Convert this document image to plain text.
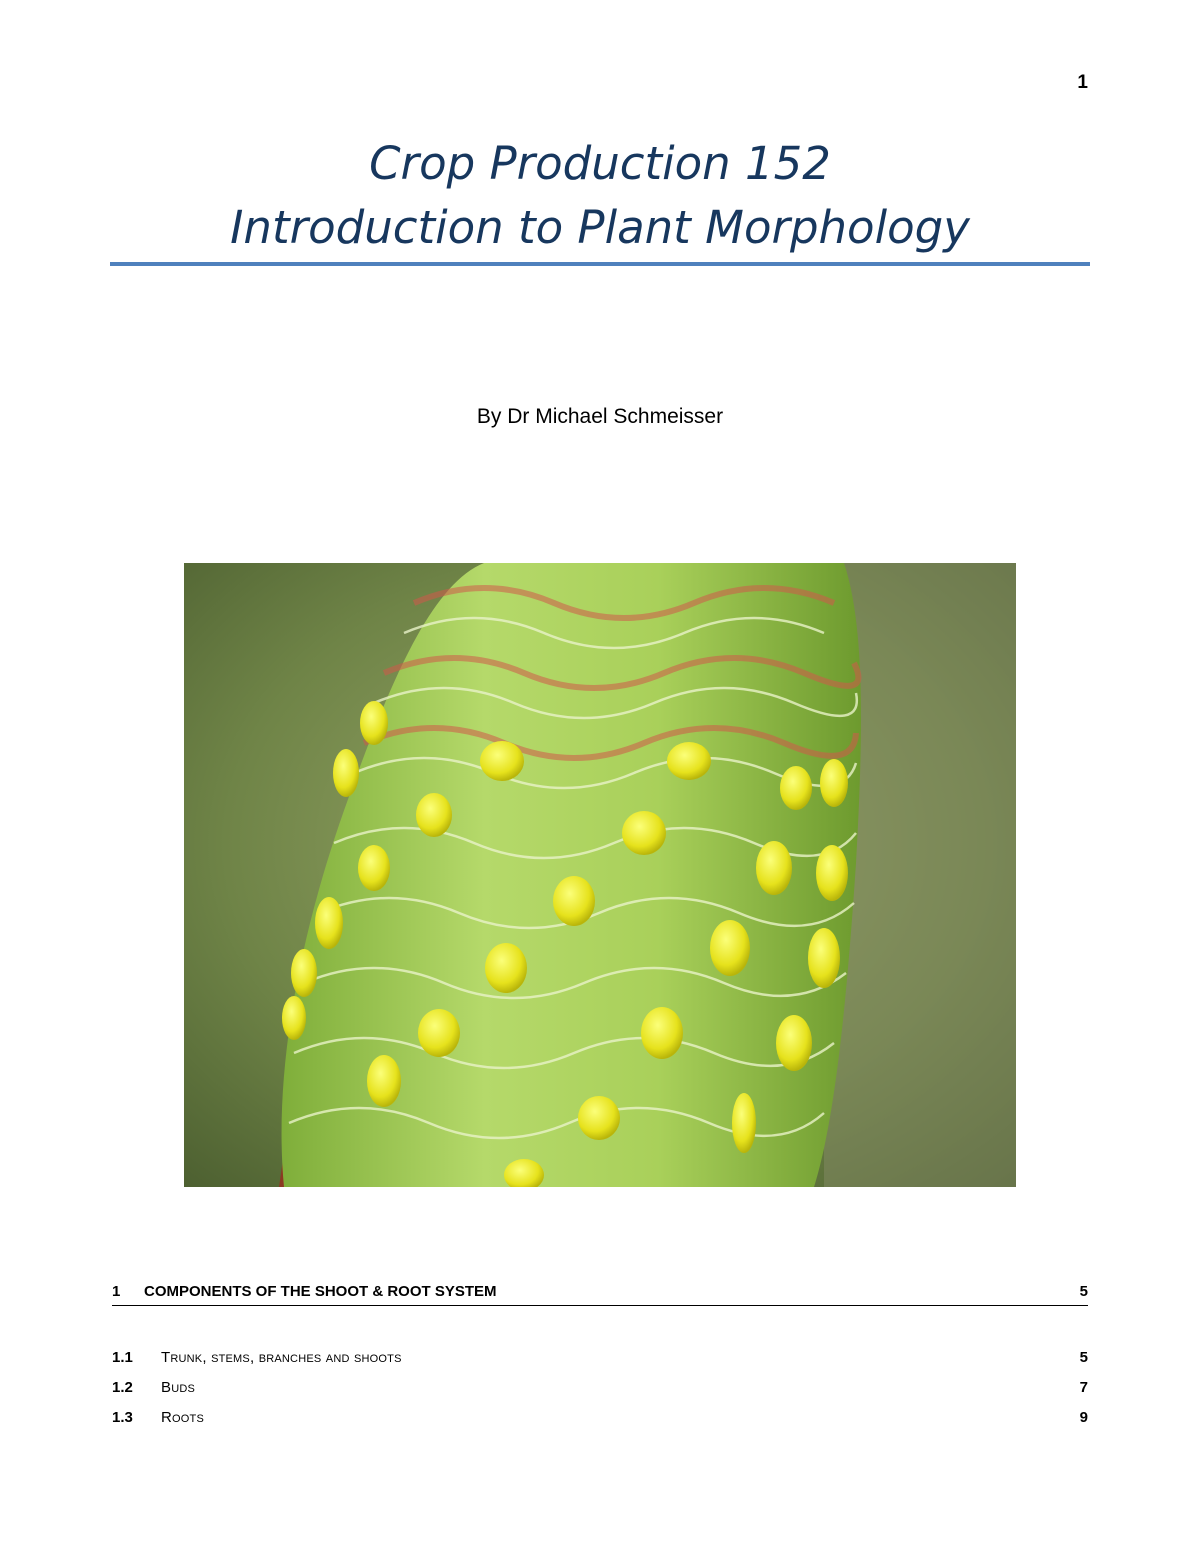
1
Crop Production 152
Introduction to Plant Morphology
By Dr Michael Schmeisser
1 COMPONENTS OF THE SHOOT & ROOT SYSTEM	5
1.1 Trunk, stems, branches and shoots	5
1.2 Buds	7
1.3 Roots	9
